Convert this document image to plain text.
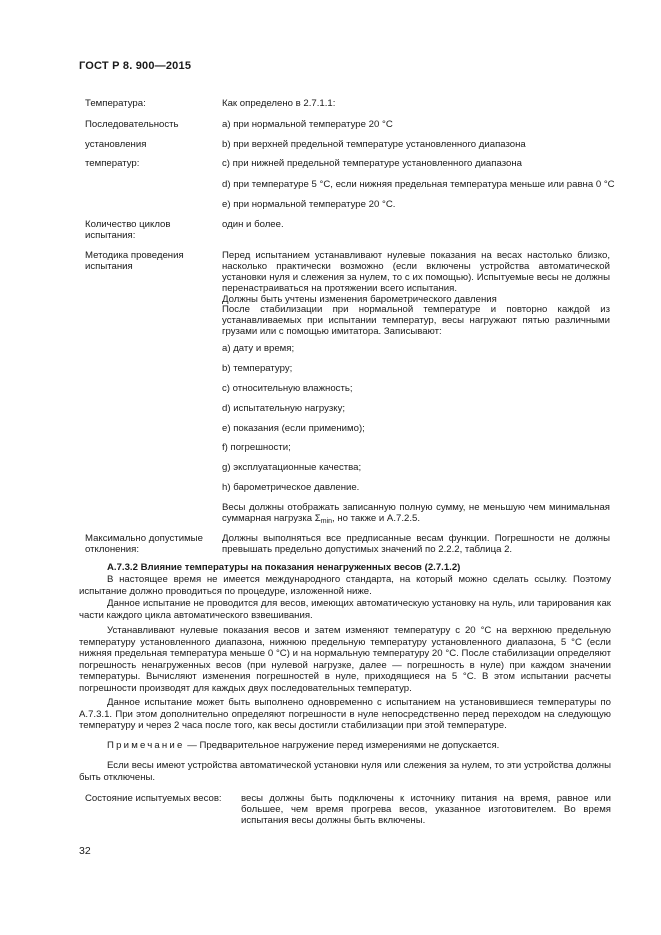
ГОСТ Р 8. 900—2015
Температура:	Как определено в 2.7.1.1:
Последовательность
установления
температур:
a) при нормальной температуре 20 °С
b) при верхней предельной температуре установленного диапазона
c) при нижней предельной температуре установленного диапазона
d) при температуре 5 °С, если нижняя предельная температура меньше или равна 0 °С
e) при нормальной температуре 20 °С.
Количество циклов испытания:
один и более.
Методика проведения испытания
Перед испытанием устанавливают нулевые показания на весах настолько близко, насколько практически возможно (если включены устройства автоматической установки нуля и слежения за нулем, то с их помощью). Испытуемые весы не должны перенастраиваться на протяжении всего испытания.
Должны быть учтены изменения барометрического давления
После стабилизации при нормальной температуре и повторно каждой из устанавливаемых при испытании температур, весы нагружают пятью различными грузами или с помощью имитатора. Записывают:
a) дату и время;
b) температуру;
c) относительную влажность;
d) испытательную нагрузку;
e) показания (если применимо);
f) погрешности;
g) эксплуатационные качества;
h) барометрическое давление.
Весы должны отображать записанную полную сумму, не меньшую чем минимальная суммарная нагрузка $\Sigma_{min}$, но также и А.7.2.5.
Максимально допустимые отклонения:
Должны выполняться все предписанные весам функции. Погрешности не должны превышать предельно допустимых значений по 2.2.2, таблица 2.
А.7.3.2 Влияние температуры на показания ненагруженных весов (2.7.1.2)
В настоящее время не имеется международного стандарта, на который можно сделать ссылку. Поэтому испытание должно проводиться по процедуре, изложенной ниже.
Данное испытание не проводится для весов, имеющих автоматическую установку на нуль, или тарирования как части каждого цикла автоматического взвешивания.
Устанавливают нулевые показания весов и затем изменяют температуру с 20 °С на верхнюю предельную температуру установленного диапазона, нижнюю предельную температуру установленного диапазона, 5 °С (если нижняя предельная температура меньше 0 °С) и на нормальную температуру 20 °С. После стабилизации определяют погрешность ненагруженных весов (при нулевой нагрузке, далее — погрешность в нуле) при каждом значении температуры. Вычисляют изменения погрешностей в нуле, приходящиеся на 5 °С. В этом испытании расчеты погрешности производят для каждых двух последовательных температур.
Данное испытание может быть выполнено одновременно с испытанием на установившиеся температуры по А.7.3.1. При этом дополнительно определяют погрешности в нуле непосредственно перед переходом на следующую температуру и через 2 часа после того, как весы достигли стабилизации при этой температуре.
Примечание — Предварительное нагружение перед измерениями не допускается.
Если весы имеют устройства автоматической установки нуля или слежения за нулем, то эти устройства должны быть отключены.
Состояние испытуемых весов:	весы должны быть подключены к источнику питания на время, равное или большее, чем время прогрева весов, указанное изготовителем. Во время испытания весы должны быть включены.
32
